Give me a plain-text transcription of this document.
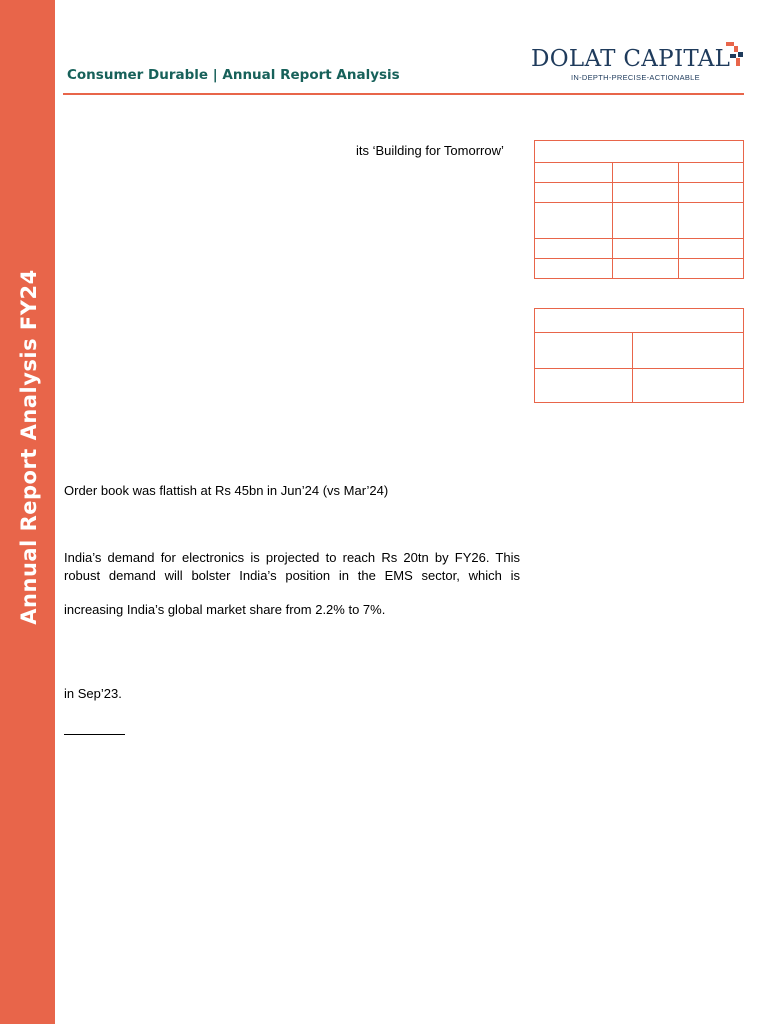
Annual Report Analysis FY24
Consumer Durable | Annual Report Analysis
DOLAT CAPITAL
IN-DEPTH-PRECISE-ACTIONABLE
its ‘Building for Tomorrow’

Order book was flattish at Rs 45bn in Jun’24 (vs Mar’24)
India’s demand for electronics is projected to reach Rs 20tn by FY26. This
robust demand will bolster India’s position in the EMS sector, which is
increasing India’s global market share from 2.2% to 7%.
in Sep’23.
